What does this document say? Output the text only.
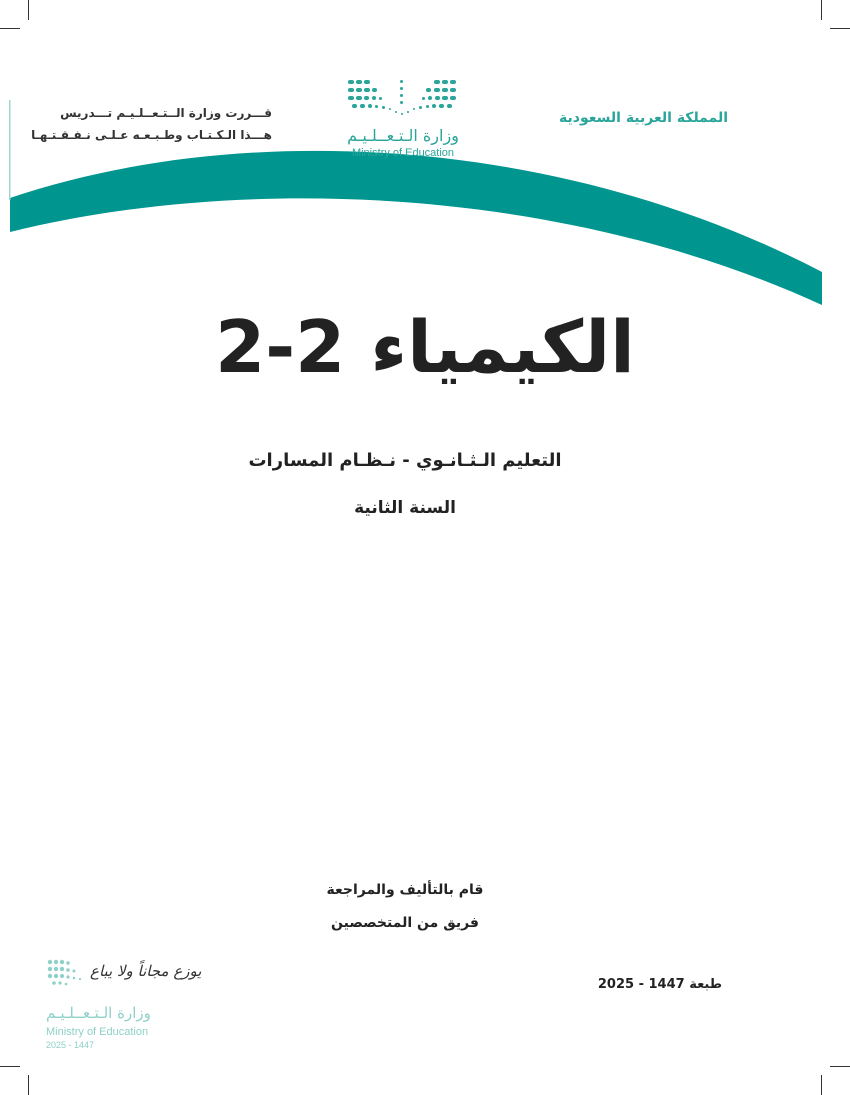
المملكة العربية السعودية
قـــررت وزارة الــتـعــلـيـم تـــدريس
هـــذا الـكـتـاب وطـبـعـه عـلـى نـفـقـتـهـا	وزارة الـتـعــلـيـم
Ministry of Education
الكيمياء 2-2
التعليم الـثـانـوي - نـظـام المسارات
السنة الثانية
قام بالتأليف والمراجعة
فريق من المتخصصين
طبعة 1447 - 2025
يوزع مجاناً ولا يباع
وزارة الـتـعــلـيـم
Ministry of Education
2025 - 1447
